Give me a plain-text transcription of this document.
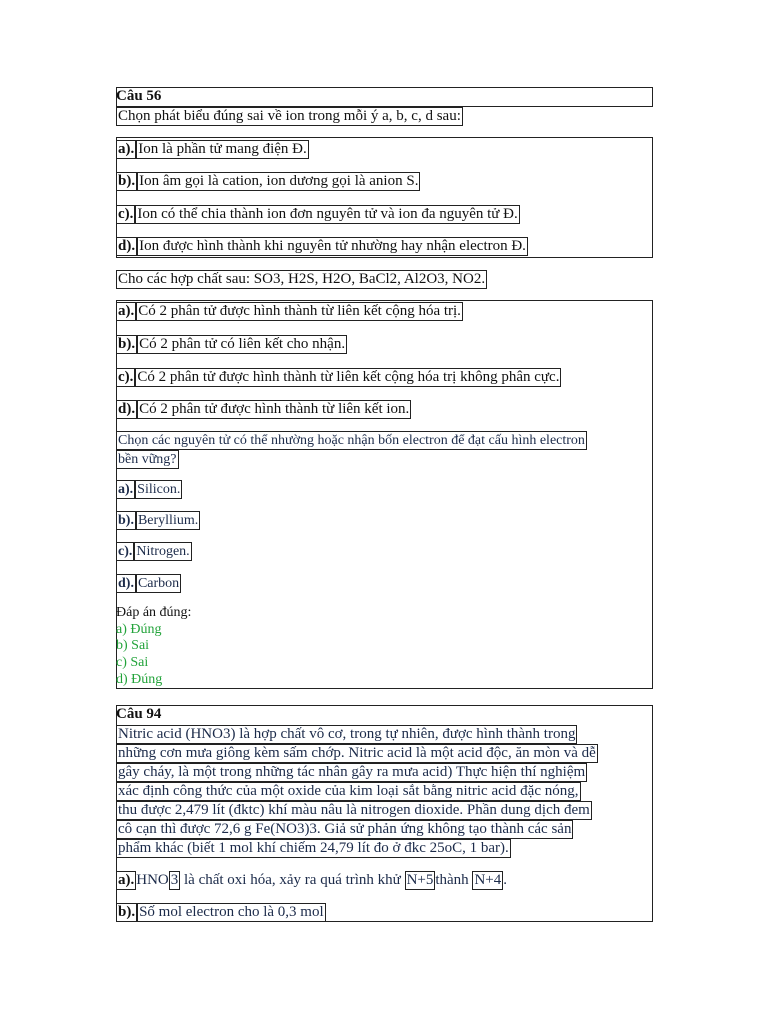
Câu 56
Chọn phát biểu đúng sai về ion trong mỗi ý a, b, c, d sau:
a). Ion là phần tử mang điện Đ.
b). Ion âm gọi là cation, ion dương gọi là anion S.
c). Ion có thể chia thành ion đơn nguyên tử và ion đa nguyên tử Đ.
d). Ion được hình thành khi nguyên tử nhường hay nhận electron Đ.
Cho các hợp chất sau: SO3, H2S, H2O, BaCl2, Al2O3, NO2.
a). Có 2 phân tử được hình thành từ liên kết cộng hóa trị.
b). Có 2 phân tử có liên kết cho nhận.
c). Có 2 phân tử được hình thành từ liên kết cộng hóa trị không phân cực.
d). Có 2 phân tử được hình thành từ liên kết ion.
Chọn các nguyên tử có thể nhường hoặc nhận bốn electron để đạt cấu hình electron
bền vững?
a). Silicon.
b). Beryllium.
c). Nitrogen.
d). Carbon
Đáp án đúng:
a) Đúng
b) Sai
c) Sai
d) Đúng
Câu 94
Nitric acid (HNO3) là hợp chất vô cơ, trong tự nhiên, được hình thành trong
những cơn mưa giông kèm sấm chớp. Nitric acid là một acid độc, ăn mòn và dễ
gây cháy, là một trong những tác nhân gây ra mưa acid) Thực hiện thí nghiệm
xác định công thức của một oxide của kim loại sắt bằng nitric acid đặc nóng,
thu được 2,479 lít (đktc) khí màu nâu là nitrogen dioxide. Phần dung dịch đem
cô cạn thì được 72,6 g Fe(NO3)3. Giả sử phản ứng không tạo thành các sản
phẩm khác (biết 1 mol khí chiếm 24,79 lít đo ở đkc 25oC, 1 bar).
a). HNO 3 là chất oxi hóa, xảy ra quá trình khử N+5 thành N+4 .
b). Số mol electron cho là 0,3 mol
